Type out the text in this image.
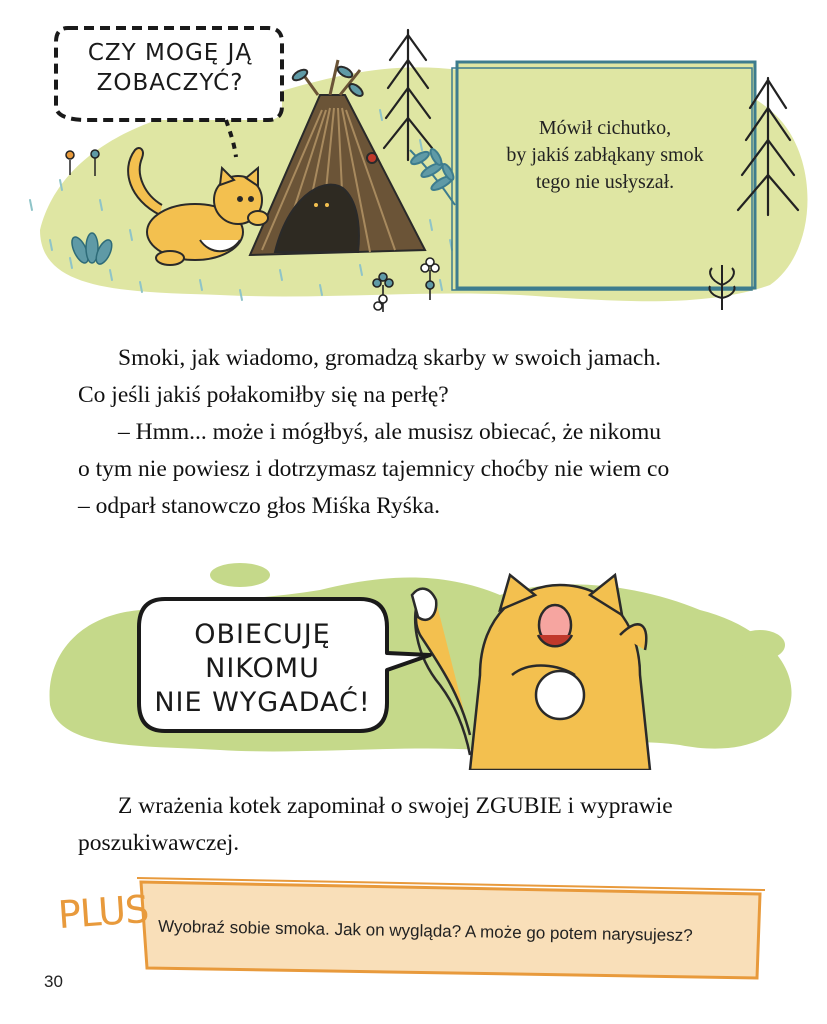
CZY MOGĘ JĄ
ZOBACZYĆ?
Mówił cichutko,
by jakiś zabłąkany smok
tego nie usłyszał.

Smoki, jak wiadomo, gromadzą skarby w swoich jamach.

Co jeśli jakiś połakomiłby się na perłę?

– Hmm... może i mógłbyś, ale musisz obiecać, że nikomu

o tym nie powiesz i dotrzymasz tajemnicy choćby nie wiem co

– odparł stanowczo głos Miśka Ryśka.

OBIECUJĘ
NIKOMU
NIE WYGADAĆ!

Z wrażenia kotek zapominał o swojej ZGUBIE i wyprawie

poszukiwawczej.

PLUS Wyobraź sobie smoka. Jak on wygląda? A może go potem narysujesz?
30
